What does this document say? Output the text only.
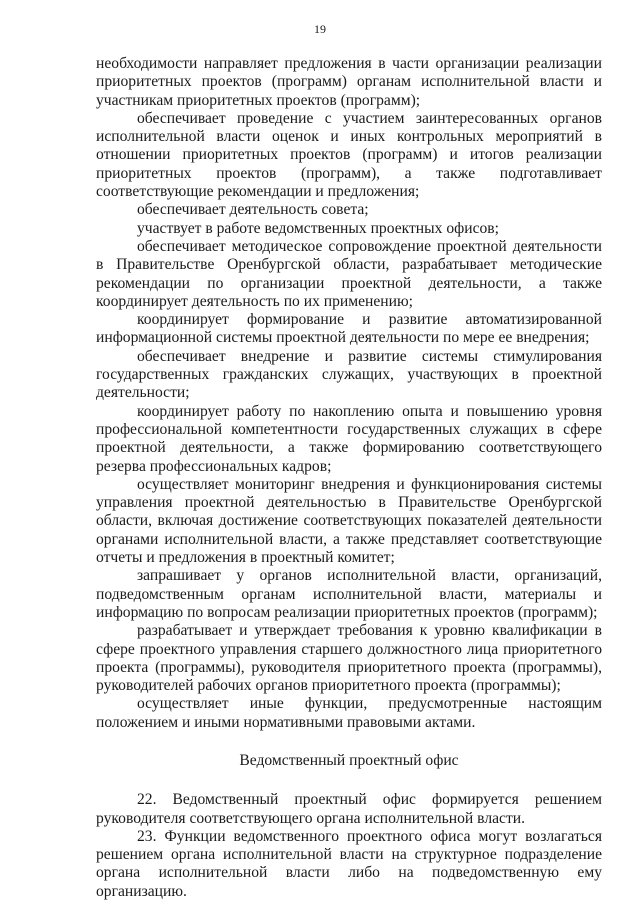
19

необходимости направляет предложения в части организации реализации приоритетных проектов (программ) органам исполнительной власти и участникам приоритетных проектов (программ);

обеспечивает проведение с участием заинтересованных органов исполнительной власти оценок и иных контрольных мероприятий в отношении приоритетных проектов (программ) и итогов реализации приоритетных проектов (программ), а также подготавливает соответствующие рекомендации и предложения;

обеспечивает деятельность совета;

участвует в работе ведомственных проектных офисов;

обеспечивает методическое сопровождение проектной деятельности в Правительстве Оренбургской области, разрабатывает методические рекомендации по организации проектной деятельности, а также координирует деятельность по их применению;

координирует формирование и развитие автоматизированной информационной системы проектной деятельности по мере ее внедрения;

обеспечивает внедрение и развитие системы стимулирования государственных гражданских служащих, участвующих в проектной деятельности;

координирует работу по накоплению опыта и повышению уровня профессиональной компетентности государственных служащих в сфере проектной деятельности, а также формированию соответствующего резерва профессиональных кадров;

осуществляет мониторинг внедрения и функционирования системы управления проектной деятельностью в Правительстве Оренбургской области, включая достижение соответствующих показателей деятельности органами исполнительной власти, а также представляет соответствующие отчеты и предложения в проектный комитет;

запрашивает у органов исполнительной власти, организаций, подведомственным органам исполнительной власти, материалы и информацию по вопросам реализации приоритетных проектов (программ);

разрабатывает и утверждает требования к уровню квалификации в сфере проектного управления старшего должностного лица приоритетного проекта (программы), руководителя приоритетного проекта (программы), руководителей рабочих органов приоритетного проекта (программы);

осуществляет иные функции, предусмотренные настоящим положением и иными нормативными правовыми актами.

Ведомственный проектный офис

22. Ведомственный проектный офис формируется решением руководителя соответствующего органа исполнительной власти.

23. Функции ведомственного проектного офиса могут возлагаться решением органа исполнительной власти на структурное подразделение органа исполнительной власти либо на подведомственную ему организацию.
